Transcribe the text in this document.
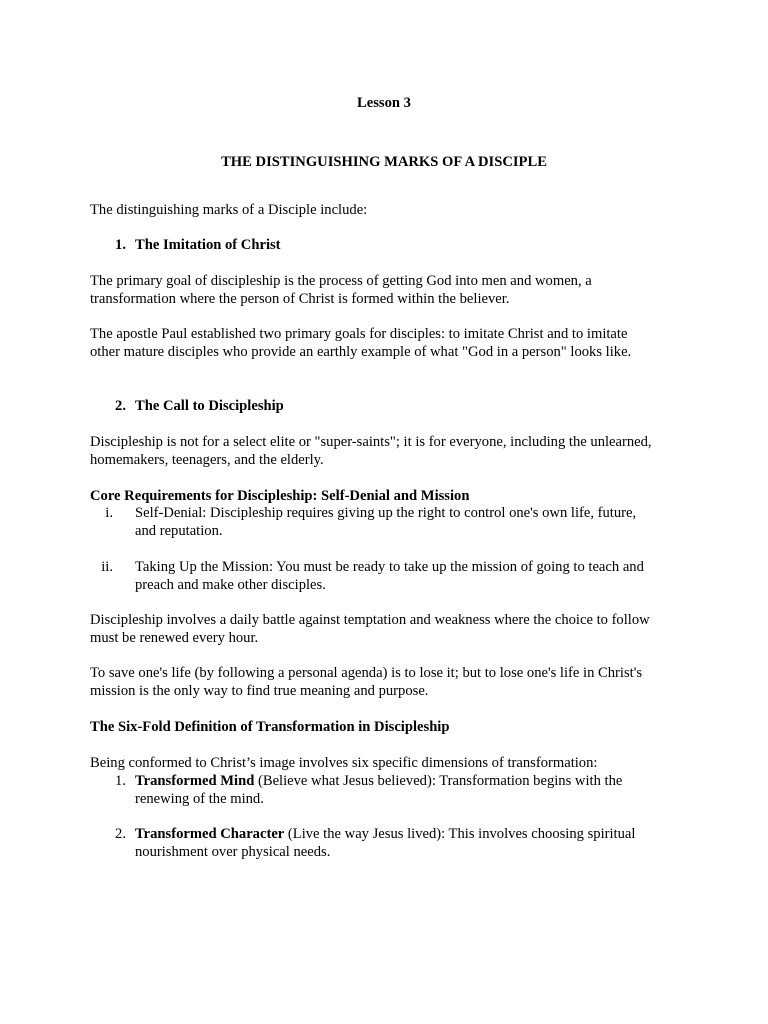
Lesson 3
THE DISTINGUISHING MARKS OF A DISCIPLE
The distinguishing marks of a Disciple include:
1. The Imitation of Christ
The primary goal of discipleship is the process of getting God into men and women, a
transformation where the person of Christ is formed within the believer.
The apostle Paul established two primary goals for disciples: to imitate Christ and to imitate
other mature disciples who provide an earthly example of what "God in a person" looks like.
2. The Call to Discipleship
Discipleship is not for a select elite or "super-saints"; it is for everyone, including the unlearned,
homemakers, teenagers, and the elderly.
Core Requirements for Discipleship: Self-Denial and Mission
i. Self-Denial: Discipleship requires giving up the right to control one's own life, future,
and reputation.
ii. Taking Up the Mission: You must be ready to take up the mission of going to teach and
preach and make other disciples.
Discipleship involves a daily battle against temptation and weakness where the choice to follow
must be renewed every hour.
To save one's life (by following a personal agenda) is to lose it; but to lose one's life in Christ's
mission is the only way to find true meaning and purpose.
The Six-Fold Definition of Transformation in Discipleship
Being conformed to Christ’s image involves six specific dimensions of transformation:
1. Transformed Mind (Believe what Jesus believed): Transformation begins with the
renewing of the mind.
2. Transformed Character (Live the way Jesus lived): This involves choosing spiritual
nourishment over physical needs.
